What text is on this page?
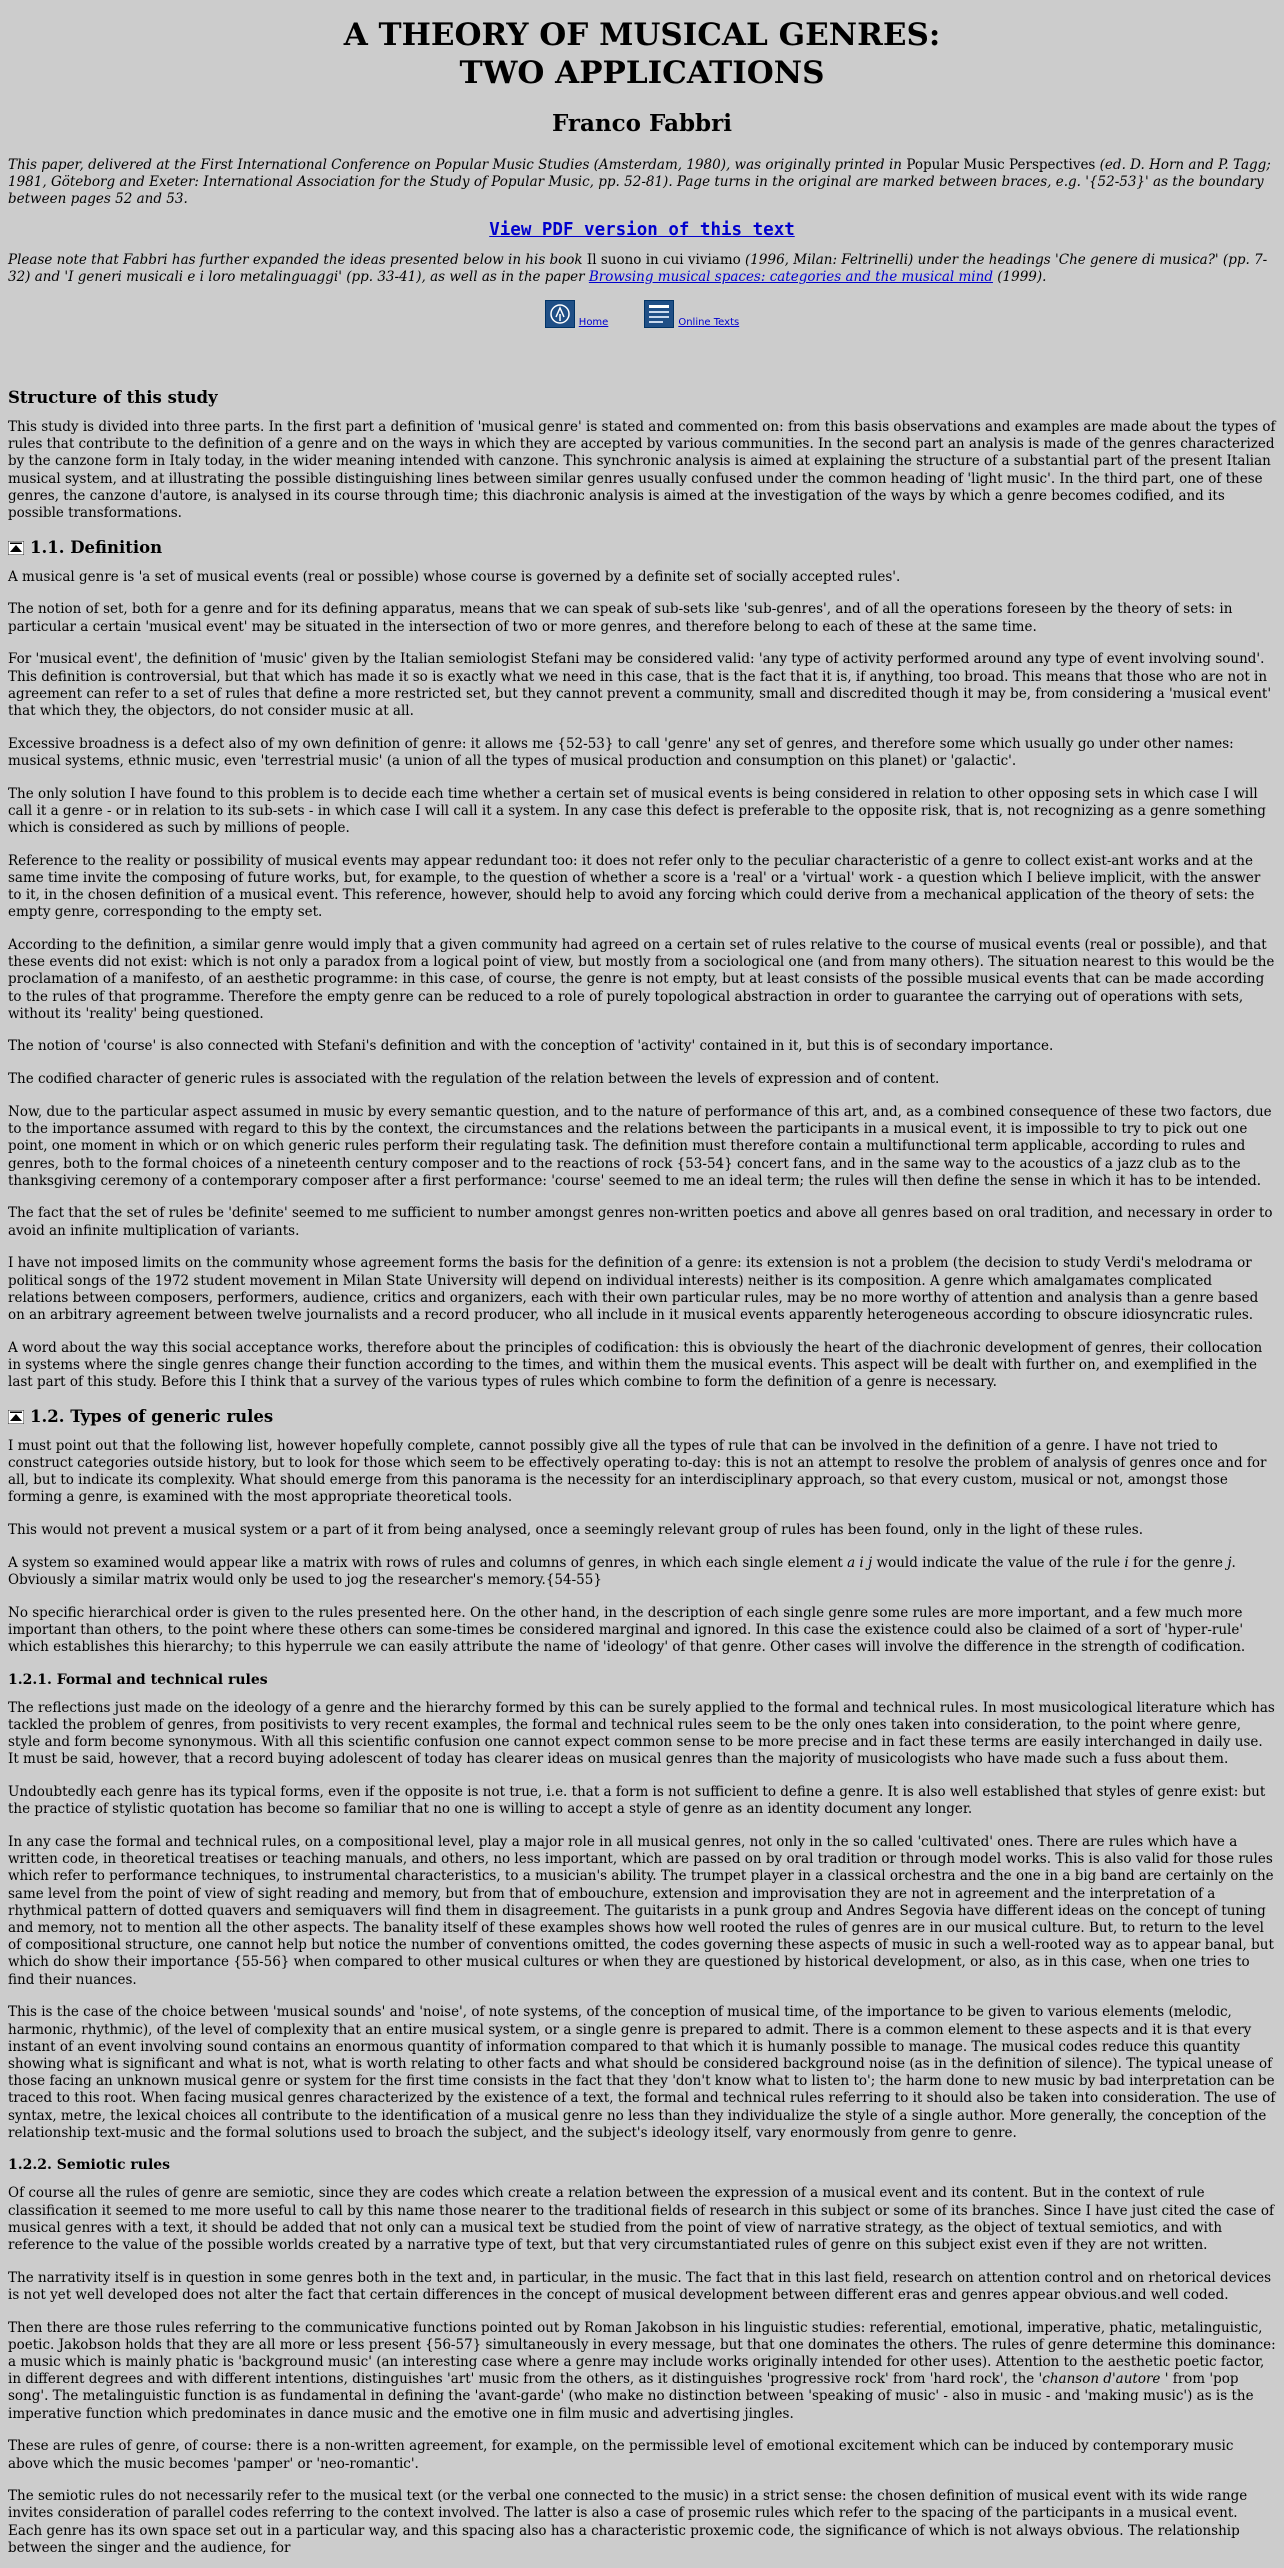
A THEORY OF MUSICAL GENRES:
TWO APPLICATIONS
Franco Fabbri

This paper, delivered at the First International Conference on Popular Music Studies (Amsterdam, 1980), was originally printed in Popular Music Perspectives (ed. D. Horn and P. Tagg; 1981, Göteborg and Exeter: International Association for the Study of Popular Music, pp. 52-81). Page turns in the original are marked between braces, e.g. '{52-53}' as the boundary between pages 52 and 53.

View PDF version of this text

Please note that Fabbri has further expanded the ideas presented below in his book Il suono in cui viviamo (1996, Milan: Feltrinelli) under the headings 'Che genere di musica?' (pp. 7-32) and 'I generi musicali e i loro metalinguaggi' (pp. 33-41), as well as in the paper Browsing musical spaces: categories and the musical mind (1999).

Home	Online Texts
Structure of this study

This study is divided into three parts. In the first part a definition of 'musical genre' is stated and commented on: from this basis observations and examples are made about the types of rules that contribute to the definition of a genre and on the ways in which they are accepted by various communities. In the second part an analysis is made of the genres characterized by the canzone form in Italy today, in the wider meaning intended with canzone. This synchronic analysis is aimed at explaining the structure of a substantial part of the present Italian musical system, and at illustrating the possible distinguishing lines between similar genres usually confused under the common heading of 'light music'. In the third part, one of these genres, the canzone d'autore, is analysed in its course through time; this diachronic analysis is aimed at the investigation of the ways by which a genre becomes codified, and its possible transformations.

1.1. Definition

A musical genre is 'a set of musical events (real or possible) whose course is governed by a definite set of socially accepted rules'.

The notion of set, both for a genre and for its defining apparatus, means that we can speak of sub-sets like 'sub-genres', and of all the operations foreseen by the theory of sets: in particular a certain 'musical event' may be situated in the intersection of two or more genres, and therefore belong to each of these at the same time.

For 'musical event', the definition of 'music' given by the Italian semiologist Stefani may be considered valid: 'any type of activity performed around any type of event involving sound'. This definition is controversial, but that which has made it so is exactly what we need in this case, that is the fact that it is, if anything, too broad. This means that those who are not in agreement can refer to a set of rules that define a more restricted set, but they cannot prevent a community, small and discredited though it may be, from considering a 'musical event' that which they, the objectors, do not consider music at all.

Excessive broadness is a defect also of my own definition of genre: it allows me {52-53} to call 'genre' any set of genres, and therefore some which usually go under other names: musical systems, ethnic music, even 'terrestrial music' (a union of all the types of musical production and consumption on this planet) or 'galactic'.

The only solution I have found to this problem is to decide each time whether a certain set of musical events is being considered in relation to other opposing sets in which case I will call it a genre - or in relation to its sub-sets - in which case I will call it a system. In any case this defect is preferable to the opposite risk, that is, not recognizing as a genre something which is considered as such by millions of people.

Reference to the reality or possibility of musical events may appear redundant too: it does not refer only to the peculiar characteristic of a genre to collect exist-ant works and at the same time invite the composing of future works, but, for example, to the question of whether a score is a 'real' or a 'virtual' work - a question which I believe implicit, with the answer to it, in the chosen definition of a musical event. This reference, however, should help to avoid any forcing which could derive from a mechanical application of the theory of sets: the empty genre, corresponding to the empty set.

According to the definition, a similar genre would imply that a given community had agreed on a certain set of rules relative to the course of musical events (real or possible), and that these events did not exist: which is not only a paradox from a logical point of view, but mostly from a sociological one (and from many others). The situation nearest to this would be the proclamation of a manifesto, of an aesthetic programme: in this case, of course, the genre is not empty, but at least consists of the possible musical events that can be made according to the rules of that programme. Therefore the empty genre can be reduced to a role of purely topological abstraction in order to guarantee the carrying out of operations with sets, without its 'reality' being questioned.

The notion of 'course' is also connected with Stefani's definition and with the conception of 'activity' contained in it, but this is of secondary importance.

The codified character of generic rules is associated with the regulation of the relation between the levels of expression and of content.

Now, due to the particular aspect assumed in music by every semantic question, and to the nature of performance of this art, and, as a combined consequence of these two factors, due to the importance assumed with regard to this by the context, the circumstances and the relations between the participants in a musical event, it is impossible to try to pick out one point, one moment in which or on which generic rules perform their regulating task. The definition must therefore contain a multifunctional term applicable, according to rules and genres, both to the formal choices of a nineteenth century composer and to the reactions of rock {53-54} concert fans, and in the same way to the acoustics of a jazz club as to the thanksgiving ceremony of a contemporary composer after a first performance: 'course' seemed to me an ideal term; the rules will then define the sense in which it has to be intended.

The fact that the set of rules be 'definite' seemed to me sufficient to number amongst genres non-written poetics and above all genres based on oral tradition, and necessary in order to avoid an infinite multiplication of variants.

I have not imposed limits on the community whose agreement forms the basis for the definition of a genre: its extension is not a problem (the decision to study Verdi's melodrama or political songs of the 1972 student movement in Milan State University will depend on individual interests) neither is its composition. A genre which amalgamates complicated relations between composers, performers, audience, critics and organizers, each with their own particular rules, may be no more worthy of attention and analysis than a genre based on an arbitrary agreement between twelve journalists and a record producer, who all include in it musical events apparently heterogeneous according to obscure idiosyncratic rules.

A word about the way this social acceptance works, therefore about the principles of codification: this is obviously the heart of the diachronic development of genres, their collocation in systems where the single genres change their function according to the times, and within them the musical events. This aspect will be dealt with further on, and exemplified in the last part of this study. Before this I think that a survey of the various types of rules which combine to form the definition of a genre is necessary.

1.2. Types of generic rules

I must point out that the following list, however hopefully complete, cannot possibly give all the types of rule that can be involved in the definition of a genre. I have not tried to construct categories outside history, but to look for those which seem to be effectively operating to-day: this is not an attempt to resolve the problem of analysis of genres once and for all, but to indicate its complexity. What should emerge from this panorama is the necessity for an interdisciplinary approach, so that every custom, musical or not, amongst those forming a genre, is examined with the most appropriate theoretical tools.

This would not prevent a musical system or a part of it from being analysed, once a seemingly relevant group of rules has been found, only in the light of these rules.

A system so examined would appear like a matrix with rows of rules and columns of genres, in which each single element a i j would indicate the value of the rule i for the genre j. Obviously a similar matrix would only be used to jog the researcher's memory.{54-55}

No specific hierarchical order is given to the rules presented here. On the other hand, in the description of each single genre some rules are more important, and a few much more important than others, to the point where these others can some-times be considered marginal and ignored. In this case the existence could also be claimed of a sort of 'hyper-rule' which establishes this hierarchy; to this hyperrule we can easily attribute the name of 'ideology' of that genre. Other cases will involve the difference in the strength of codification.

1.2.1. Formal and technical rules

The reflections just made on the ideology of a genre and the hierarchy formed by this can be surely applied to the formal and technical rules. In most musicological literature which has tackled the problem of genres, from positivists to very recent examples, the formal and technical rules seem to be the only ones taken into consideration, to the point where genre, style and form become synonymous. With all this scientific confusion one cannot expect common sense to be more precise and in fact these terms are easily interchanged in daily use. It must be said, however, that a record buying adolescent of today has clearer ideas on musical genres than the majority of musicologists who have made such a fuss about them.

Undoubtedly each genre has its typical forms, even if the opposite is not true, i.e. that a form is not sufficient to define a genre. It is also well established that styles of genre exist: but the practice of stylistic quotation has become so familiar that no one is willing to accept a style of genre as an identity document any longer.

In any case the formal and technical rules, on a compositional level, play a major role in all musical genres, not only in the so called 'cultivated' ones. There are rules which have a written code, in theoretical treatises or teaching manuals, and others, no less important, which are passed on by oral tradition or through model works. This is also valid for those rules which refer to performance techniques, to instrumental characteristics, to a musician's ability. The trumpet player in a classical orchestra and the one in a big band are certainly on the same level from the point of view of sight reading and memory, but from that of embouchure, extension and improvisation they are not in agreement and the interpretation of a rhythmical pattern of dotted quavers and semiquavers will find them in disagreement. The guitarists in a punk group and Andres Segovia have different ideas on the concept of tuning and memory, not to mention all the other aspects. The banality itself of these examples shows how well rooted the rules of genres are in our musical culture. But, to return to the level of compositional structure, one cannot help but notice the number of conventions omitted, the codes governing these aspects of music in such a well-rooted way as to appear banal, but which do show their importance {55-56} when compared to other musical cultures or when they are questioned by historical development, or also, as in this case, when one tries to find their nuances.

This is the case of the choice between 'musical sounds' and 'noise', of note systems, of the conception of musical time, of the importance to be given to various elements (melodic, harmonic, rhythmic), of the level of complexity that an entire musical system, or a single genre is prepared to admit. There is a common element to these aspects and it is that every instant of an event involving sound contains an enormous quantity of information compared to that which it is humanly possible to manage. The musical codes reduce this quantity showing what is significant and what is not, what is worth relating to other facts and what should be considered background noise (as in the definition of silence). The typical unease of those facing an unknown musical genre or system for the first time consists in the fact that they 'don't know what to listen to'; the harm done to new music by bad interpretation can be traced to this root. When facing musical genres characterized by the existence of a text, the formal and technical rules referring to it should also be taken into consideration. The use of syntax, metre, the lexical choices all contribute to the identification of a musical genre no less than they individualize the style of a single author. More generally, the conception of the relationship text-music and the formal solutions used to broach the subject, and the subject's ideology itself, vary enormously from genre to genre.

1.2.2. Semiotic rules

Of course all the rules of genre are semiotic, since they are codes which create a relation between the expression of a musical event and its content. But in the context of rule classification it seemed to me more useful to call by this name those nearer to the traditional fields of research in this subject or some of its branches. Since I have just cited the case of musical genres with a text, it should be added that not only can a musical text be studied from the point of view of narrative strategy, as the object of textual semiotics, and with reference to the value of the possible worlds created by a narrative type of text, but that very circumstantiated rules of genre on this subject exist even if they are not written.

The narrativity itself is in question in some genres both in the text and, in particular, in the music. The fact that in this last field, research on attention control and on rhetorical devices is not yet well developed does not alter the fact that certain differences in the concept of musical development between different eras and genres appear obvious.and well coded.

Then there are those rules referring to the communicative functions pointed out by Roman Jakobson in his linguistic studies: referential, emotional, imperative, phatic, metalinguistic, poetic. Jakobson holds that they are all more or less present {56-57} simultaneously in every message, but that one dominates the others. The rules of genre determine this dominance: a music which is mainly phatic is 'background music' (an interesting case where a genre may include works originally intended for other uses). Attention to the aesthetic poetic factor, in different degrees and with different intentions, distinguishes 'art' music from the others, as it distinguishes 'progressive rock' from 'hard rock', the 'chanson d'autore ' from 'pop song'. The metalinguistic function is as fundamental in defining the 'avant-garde' (who make no distinction between 'speaking of music' - also in music - and 'making music') as is the imperative function which predominates in dance music and the emotive one in film music and advertising jingles.

These are rules of genre, of course: there is a non-written agreement, for example, on the permissible level of emotional excitement which can be induced by contemporary music above which the music becomes 'pamper' or 'neo-romantic'.

The semiotic rules do not necessarily refer to the musical text (or the verbal one connected to the music) in a strict sense: the chosen definition of musical event with its wide range invites consideration of parallel codes referring to the context involved. The latter is also a case of prosemic rules which refer to the spacing of the participants in a musical event. Each genre has its own space set out in a particular way, and this spacing also has a characteristic proxemic code, the significance of which is not always obvious. The relationship between the singer and the audience, for
